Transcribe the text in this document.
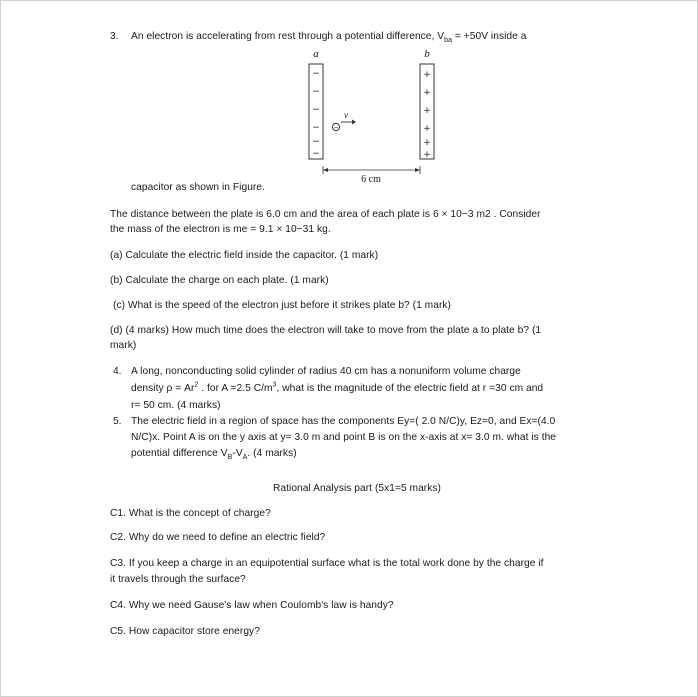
3. An electron is accelerating from rest through a potential difference, $V_{ba} = +50V$ inside a
a	b
−
−
−
−
−
−
+
+
+
+
+
+
−
v
6 cm
capacitor as shown in Figure.
The distance between the plate is 6.0 cm and the area of each plate is 6 × 10−3 m2 . Consider
the mass of the electron is me = 9.1 × 10−31 kg.
(a) Calculate the electric field inside the capacitor. (1 mark)
(b) Calculate the charge on each plate. (1 mark)
(c) What is the speed of the electron just before it strikes plate b? (1 mark)
(d) (4 marks) How much time does the electron will take to move from the plate a to plate b? (1
mark)
4. A long, nonconducting solid cylinder of radius 40 cm has a nonuniform volume charge
density $\rho = Ar^2$ . for A =2.5 $C/m^3$, what is the magnitude of the electric field at r =30 cm and
r= 50 cm. (4 marks)
5. The electric field in a region of space has the components Ey=( 2.0 N/C)y, Ez=0, and Ex=(4.0
N/C)x. Point A is on the y axis at y= 3.0 m and point B is on the x-axis at x= 3.0 m. what is the
potential difference $V_B-V_A$. (4 marks)
Rational Analysis part (5x1=5 marks)
C1. What is the concept of charge?
C2. Why do we need to define an electric field?
C3. If you keep a charge in an equipotential surface what is the total work done by the charge if
it travels through the surface?
C4. Why we need Gause's law when Coulomb's law is handy?
C5. How capacitor store energy?
